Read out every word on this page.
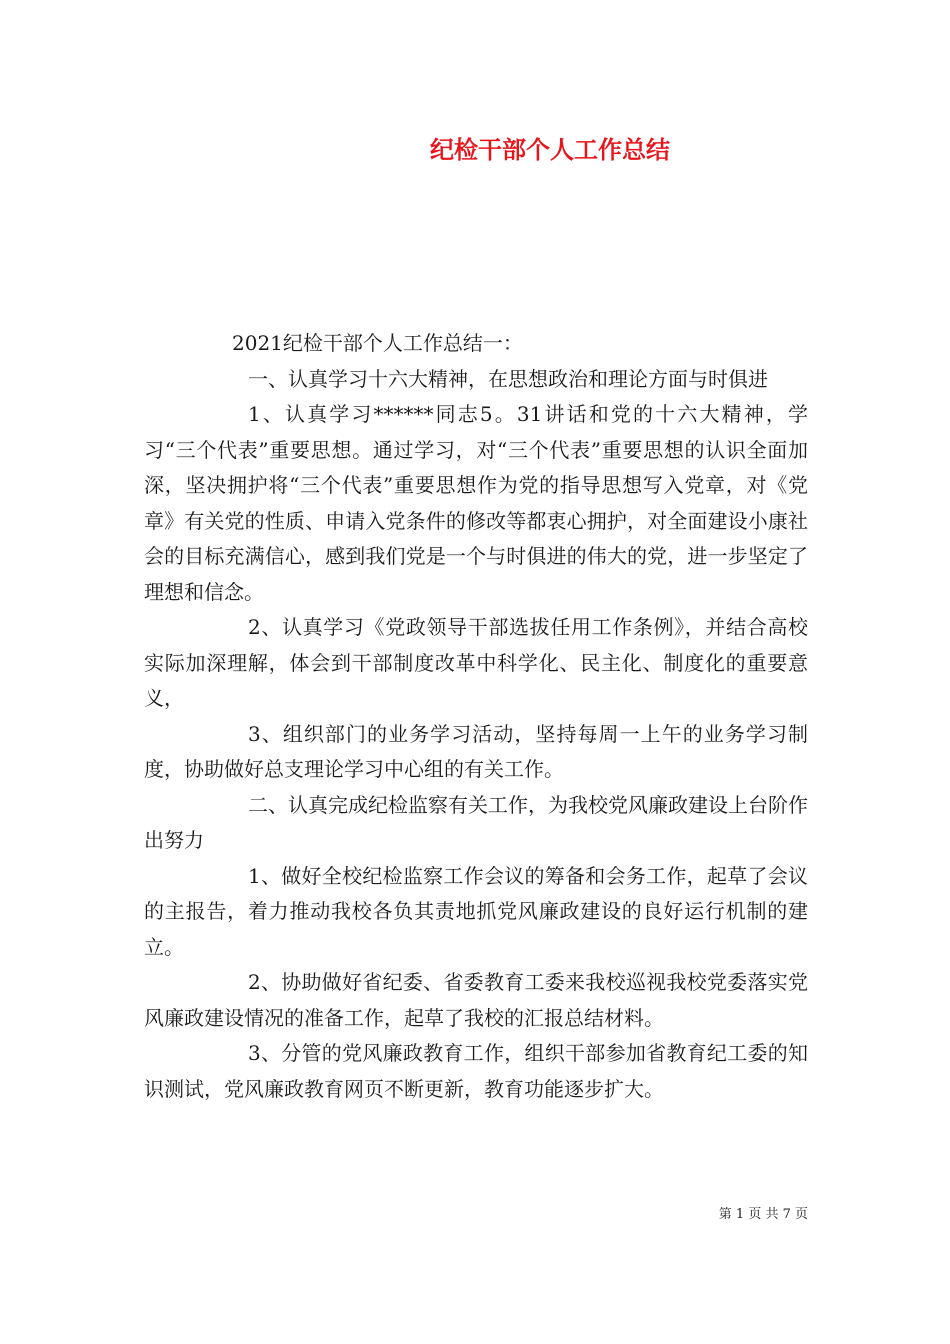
纪检干部个人工作总结

2021纪检干部个人工作总结一：

一、认真学习十六大精神，在思想政治和理论方面与时俱进

1、认真学习******同志5。31讲话和党的十六大精神，学习“三个代表”重要思想。通过学习，对“三个代表”重要思想的认识全面加深，坚决拥护将“三个代表”重要思想作为党的指导思想写入党章，对《党章》有关党的性质、申请入党条件的修改等都衷心拥护，对全面建设小康社会的目标充满信心，感到我们党是一个与时俱进的伟大的党，进一步坚定了理想和信念。

2、认真学习《党政领导干部选拔任用工作条例》，并结合高校实际加深理解，体会到干部制度改革中科学化、民主化、制度化的重要意义，

3、组织部门的业务学习活动，坚持每周一上午的业务学习制度，协助做好总支理论学习中心组的有关工作。

二、认真完成纪检监察有关工作，为我校党风廉政建设上台阶作出努力

1、做好全校纪检监察工作会议的筹备和会务工作，起草了会议的主报告，着力推动我校各负其责地抓党风廉政建设的良好运行机制的建立。

2、协助做好省纪委、省委教育工委来我校巡视我校党委落实党风廉政建设情况的准备工作，起草了我校的汇报总结材料。

3、分管的党风廉政教育工作，组织干部参加省教育纪工委的知识测试，党风廉政教育网页不断更新，教育功能逐步扩大。

第 1 页 共 7 页
